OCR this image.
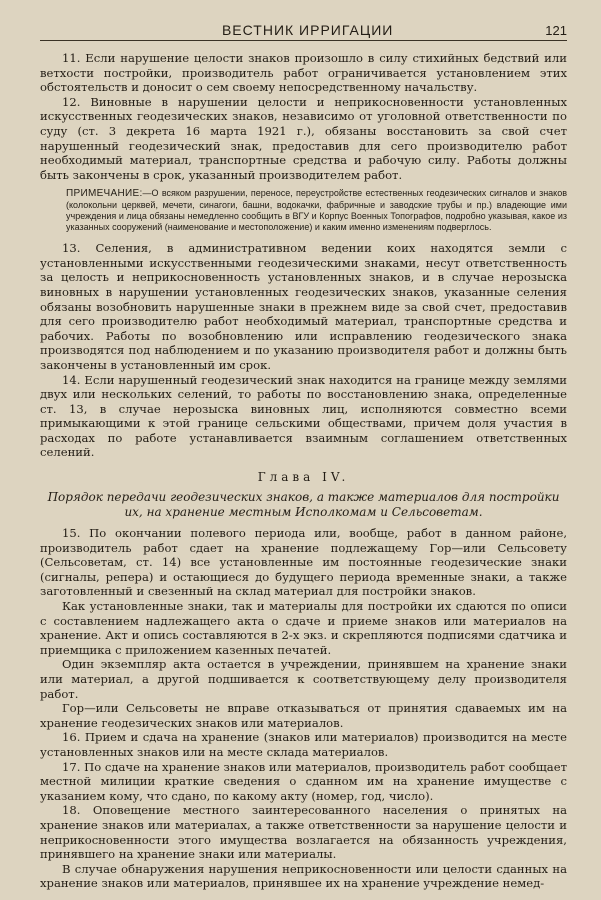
ВЕСТНИК ИРРИГАЦИИ	121

11. Если нарушение целости знаков произошло в силу стихийных бедствий или ветхости постройки, производитель работ ограничивается установлением этих обстоятельств и доносит о сем своему непосредственному начальству.

12. Виновные в нарушении целости и неприкосновенности установленных искусственных геодезических знаков, независимо от уголовной ответственности по суду (ст. 3 декрета 16 марта 1921 г.), обязаны восстановить за свой счет нарушенный геодезический знак, предоставив для сего производителю работ необходимый материал, транспортные средства и рабочую силу. Работы должны быть закончены в срок, указанный производителем работ.

ПРИМЕЧАНИЕ:—О всяком разрушении, переносе, переустройстве естественных геодезических сигналов и знаков (колокольни церквей, мечети, синагоги, башни, водокачки, фабричные и заводские трубы и пр.) владеющие ими учреждения и лица обязаны немедленно сообщить в ВГУ и Корпус Военных Топографов, подробно указывая, какое из указанных сооружений (наименование и местоположение) и каким именно изменениям подверглось.

13. Селения, в административном ведении коих находятся земли с установленными искусственными геодезическими знаками, несут ответственность за целость и неприкосновенность установленных знаков, и в случае нерозыска виновных в нарушении установленных геодезических знаков, указанные селения обязаны возобновить нарушенные знаки в прежнем виде за свой счет, предоставив для сего производителю работ необходимый материал, транспортные средства и рабочих. Работы по возобновлению или исправлению геодезического знака производятся под наблюдением и по указанию производителя работ и должны быть закончены в установленный им срок.

14. Если нарушенный геодезический знак находится на границе между землями двух или нескольких селений, то работы по восстановлению знака, определенные ст. 13, в случае нерозыска виновных лиц, исполняются совместно всеми примыкающими к этой границе сельскими обществами, причем доля участия в расходах по работе устанавливается взаимным соглашением ответственных селений.

Глава IV.
Порядок передачи геодезических знаков, а также материалов для постройки их, на хранение местным Исполкомам и Сельсоветам.

15. По окончании полевого периода или, вообще, работ в данном районе, производитель работ сдает на хранение подлежащему Гор—или Сельсовету (Сельсоветам, ст. 14) все установленные им постоянные геодезические знаки (сигналы, репера) и остающиеся до будущего периода временные знаки, а также заготовленный и свезенный на склад материал для постройки знаков.

Как установленные знаки, так и материалы для постройки их сдаются по описи с составлением надлежащего акта о сдаче и приеме знаков или материалов на хранение. Акт и опись составляются в 2-х экз. и скрепляются подписями сдатчика и приемщика с приложением казенных печатей.

Один экземпляр акта остается в учреждении, принявшем на хранение знаки или материал, а другой подшивается к соответствующему делу производителя работ.

Гор—или Сельсоветы не вправе отказываться от принятия сдаваемых им на хранение геодезических знаков или материалов.

16. Прием и сдача на хранение (знаков или материалов) производится на месте установленных знаков или на месте склада материалов.

17. По сдаче на хранение знаков или материалов, производитель работ сообщает местной милиции краткие сведения о сданном им на хранение имуществе с указанием кому, что сдано, по какому акту (номер, год, число).

18. Оповещение местного заинтересованного населения о принятых на хранение знаков или материалах, а также ответственности за нарушение целости и неприкосновенности этого имущества возлагается на обязанность учреждения, принявшего на хранение знаки или материалы.

В случае обнаружения нарушения неприкосновенности или целости сданных на хранение знаков или материалов, принявшее их на хранение учреждение немед-
